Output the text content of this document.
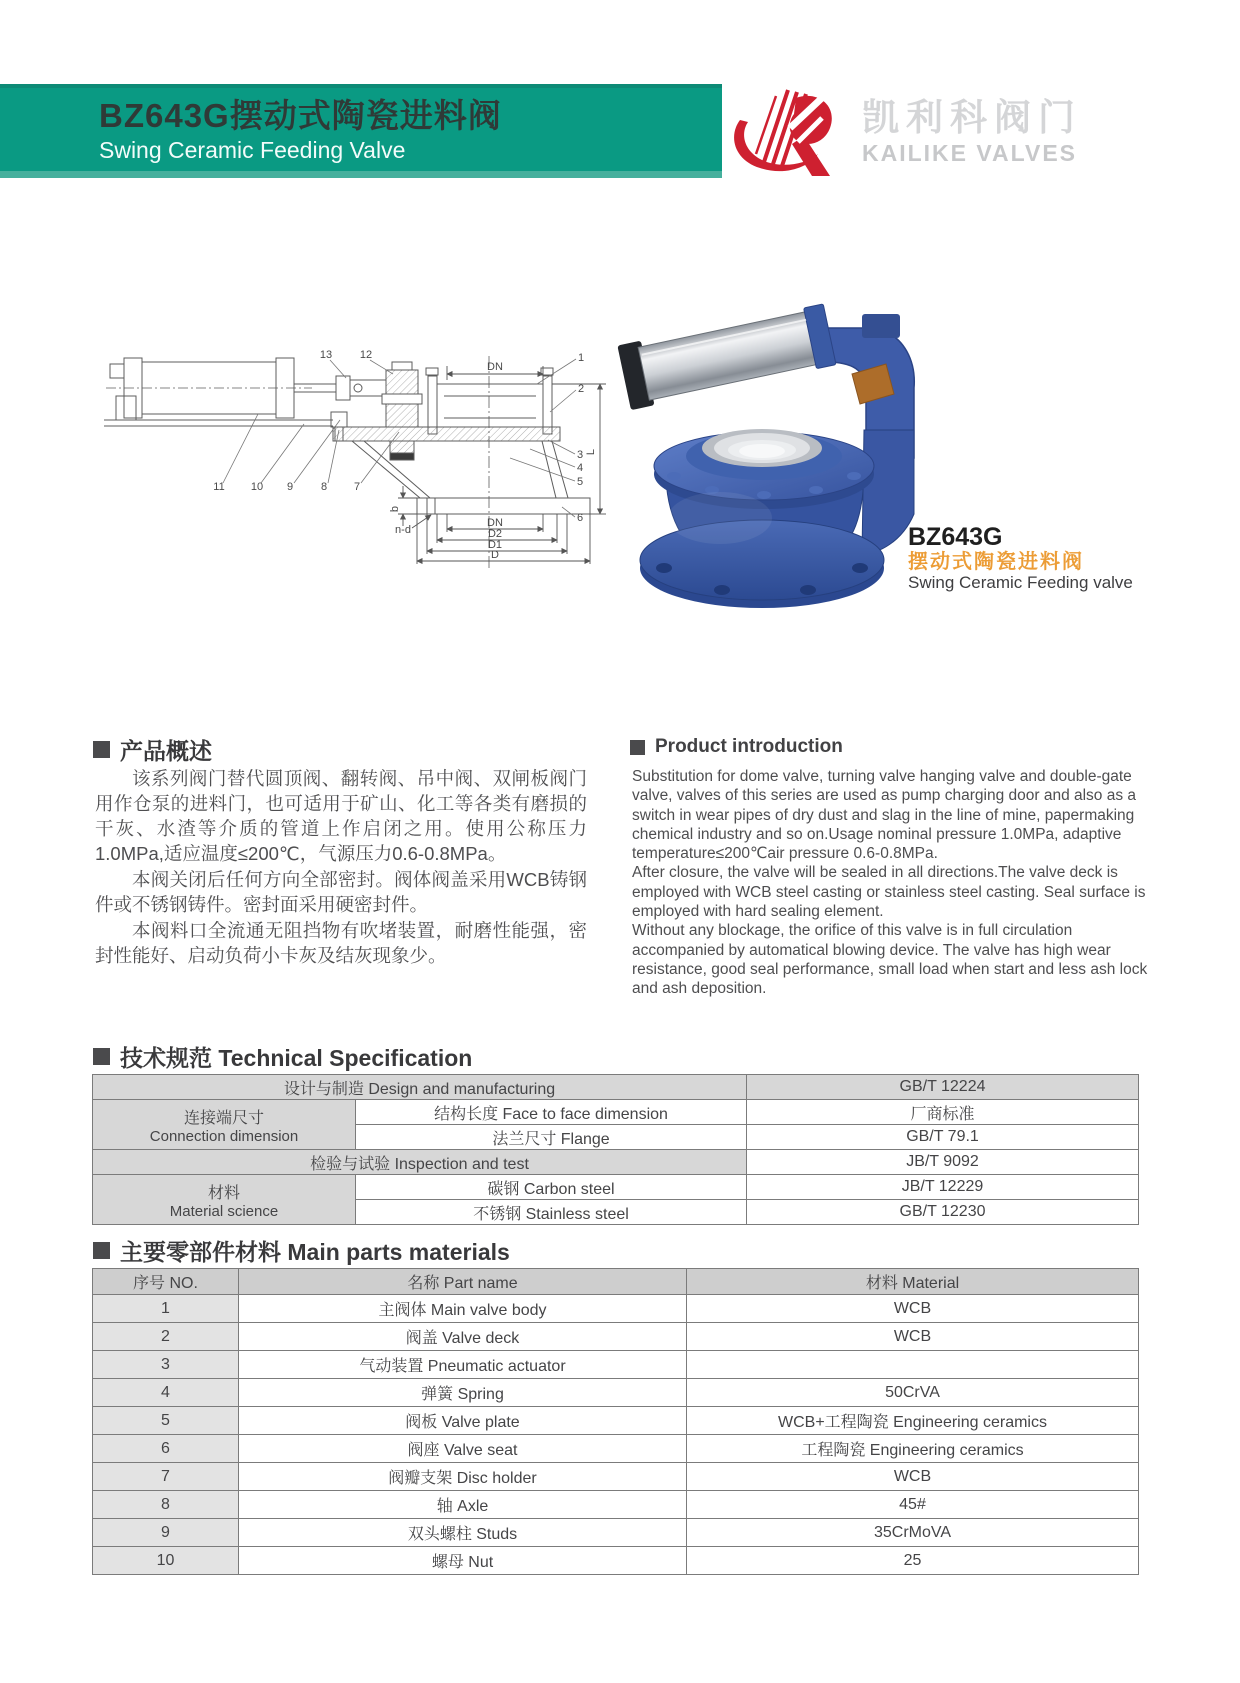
BZ643G摆动式陶瓷进料阀
Swing Ceramic Feeding Valve
凯利科阀门
KAILIKE VALVES
13	12	1
2
3
4
5
6
11 10 9	8 7
DN
L
b
n-d
DN
D2
D1
D
BZ643G
摆动式陶瓷进料阀
Swing Ceramic Feeding valve
产品概述

该系列阀门替代圆顶阀、翻转阀、吊中阀、双闸板阀门用作仓泵的进料门，也可适用于矿山、化工等各类有磨损的干灰、水渣等介质的管道上作启闭之用。使用公称压力1.0MPa,适应温度≤200℃，气源压力0.6-0.8MPa。

本阀关闭后任何方向全部密封。阀体阀盖采用WCB铸钢件或不锈钢铸件。密封面采用硬密封件。

本阀料口全流通无阻挡物有吹堵装置，耐磨性能强，密封性能好、启动负荷小卡灰及结灰现象少。

Product introduction

Substitution for dome valve, turning valve hanging valve and double-gate valve, valves of this series are used as pump charging door and also as a switch in wear pipes of dry dust and slag in the line of mine, papermaking chemical industry and so on.Usage nominal pressure 1.0MPa, adaptive temperature≤200℃air pressure 0.6-0.8MPa.

After closure, the valve will be sealed in all directions.The valve deck is employed with WCB steel casting or stainless steel casting. Seal surface is employed with hard sealing element.

Without any blockage, the orifice of this valve is in full circulation accompanied by automatical blowing device. The valve has high wear resistance, good seal performance, small load when start and less ash lock and ash deposition.

技术规范 Technical Specification
设计与制造 Design and manufacturing		GB/T 12224

连接端尺寸
Connection dimension	结构长度 Face to face dimension	厂商标准
	法兰尺寸 Flange	GB/T 79.1
检验与试验 Inspection and test		JB/T 9092

材料
Material science	碳钢 Carbon steel	JB/T 12229
	不锈钢 Stainless steel	GB/T 12230
主要零部件材料 Main parts materials
序号 NO.	名称 Part name	材料 Material
1	主阀体 Main valve body	WCB
2	阀盖 Valve deck	WCB
3	气动装置 Pneumatic actuator	
4	弹簧 Spring	50CrVA
5	阀板 Valve plate	WCB+工程陶瓷 Engineering ceramics
6	阀座 Valve seat	工程陶瓷 Engineering ceramics
7	阀瓣支架 Disc holder	WCB
8	轴 Axle	45#
9	双头螺柱 Studs	35CrMoVA
10	螺母 Nut	25
